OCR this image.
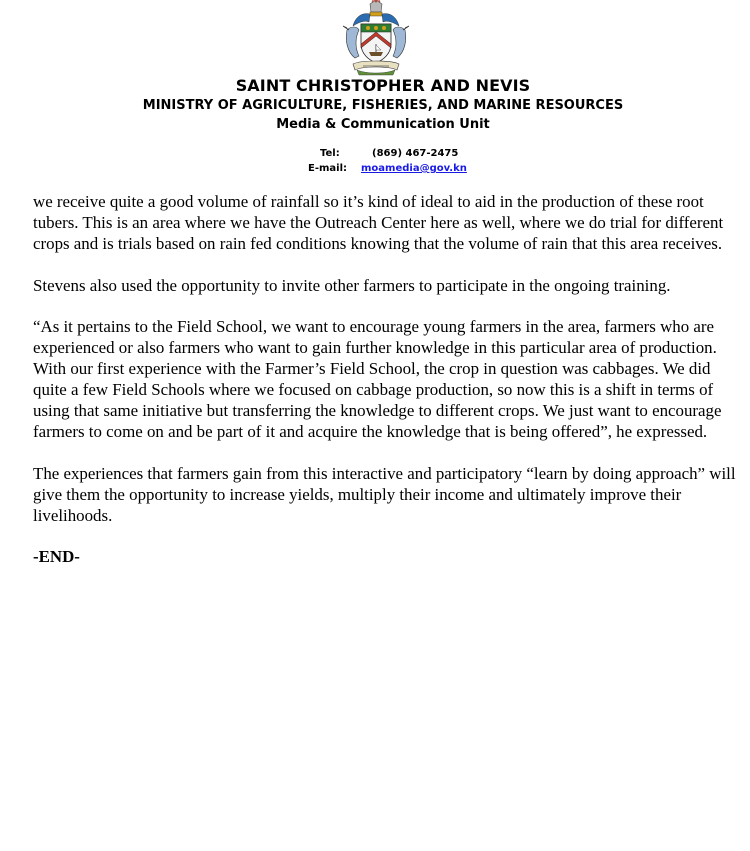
SAINT CHRISTOPHER AND NEVIS
MINISTRY OF AGRICULTURE, FISHERIES, AND MARINE RESOURCES
Media & Communication Unit
Tel:	(869) 467-2475
E-mail: moamedia@gov.kn

we receive quite a good volume of rainfall so it’s kind of ideal to aid in the production of these root tubers. This is an area where we have the Outreach Center here as well, where we do trial for different crops and is trials based on rain fed conditions knowing that the volume of rain that this area receives.

Stevens also used the opportunity to invite other farmers to participate in the ongoing training.

“As it pertains to the Field School, we want to encourage young farmers in the area, farmers who are experienced or also farmers who want to gain further knowledge in this particular area of production. With our first experience with the Farmer’s Field School, the crop in question was cabbages. We did quite a few Field Schools where we focused on cabbage production, so now this is a shift in terms of using that same initiative but transferring the knowledge to different crops. We just want to encourage farmers to come on and be part of it and acquire the knowledge that is being offered”, he expressed.

The experiences that farmers gain from this interactive and participatory “learn by doing approach” will give them the opportunity to increase yields, multiply their income and ultimately improve their livelihoods.

-END-
